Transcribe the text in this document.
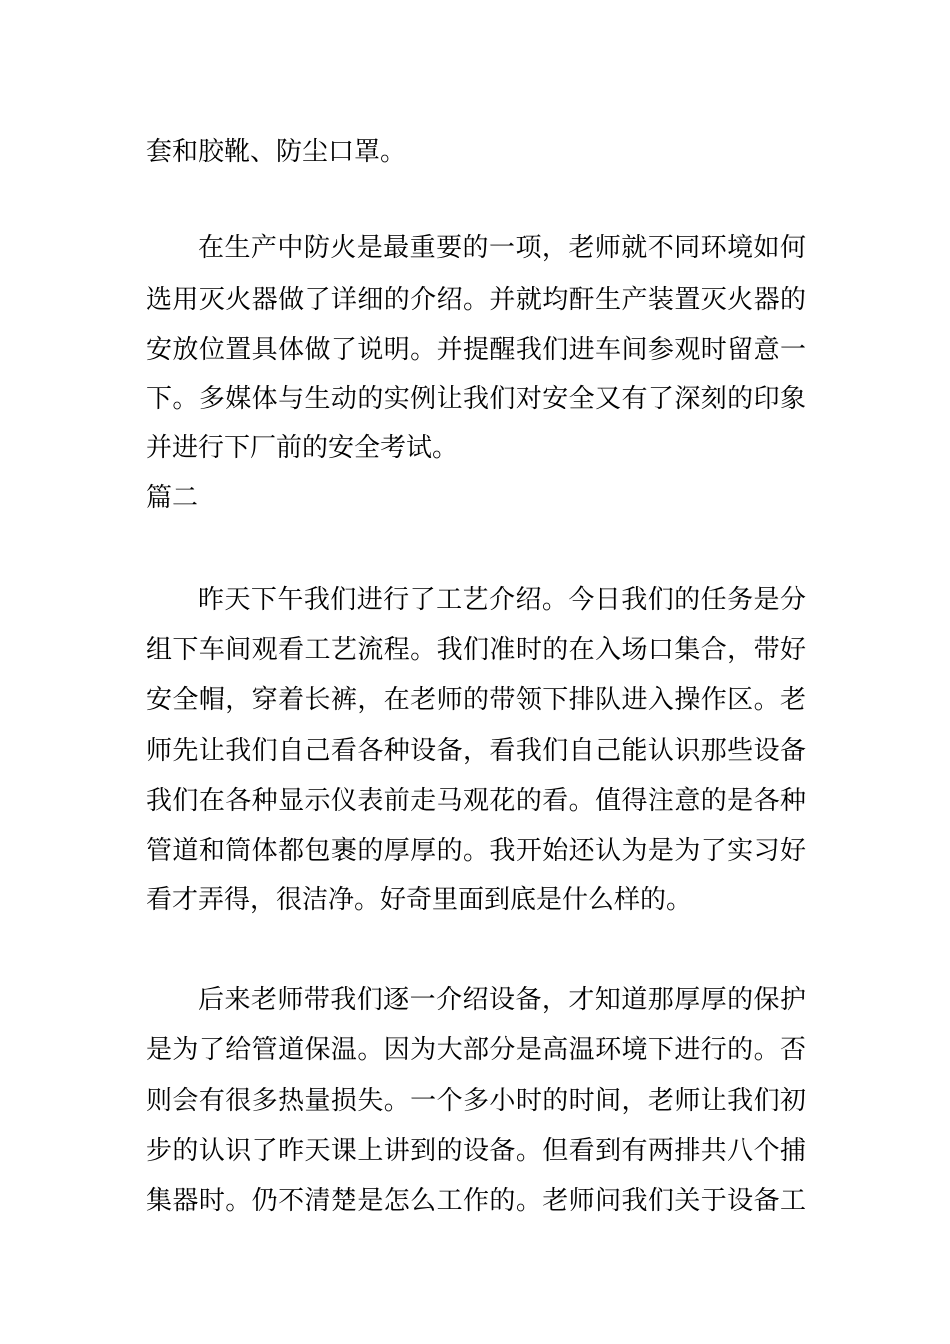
套和胶靴、防尘口罩。
在生产中防火是最重要的一项，老师就不同环境如何
选用灭火器做了详细的介绍。并就均酐生产装置灭火器的
安放位置具体做了说明。并提醒我们进车间参观时留意一
下。多媒体与生动的实例让我们对安全又有了深刻的印象
并进行下厂前的安全考试。
篇二
昨天下午我们进行了工艺介绍。今日我们的任务是分
组下车间观看工艺流程。我们准时的在入场口集合，带好
安全帽，穿着长裤，在老师的带领下排队进入操作区。老
师先让我们自己看各种设备，看我们自己能认识那些设备
我们在各种显示仪表前走马观花的看。值得注意的是各种
管道和筒体都包裹的厚厚的。我开始还认为是为了实习好
看才弄得，很洁净。好奇里面到底是什么样的。
后来老师带我们逐一介绍设备，才知道那厚厚的保护
是为了给管道保温。因为大部分是高温环境下进行的。否
则会有很多热量损失。一个多小时的时间，老师让我们初
步的认识了昨天课上讲到的设备。但看到有两排共八个捕
集器时。仍不清楚是怎么工作的。老师问我们关于设备工
